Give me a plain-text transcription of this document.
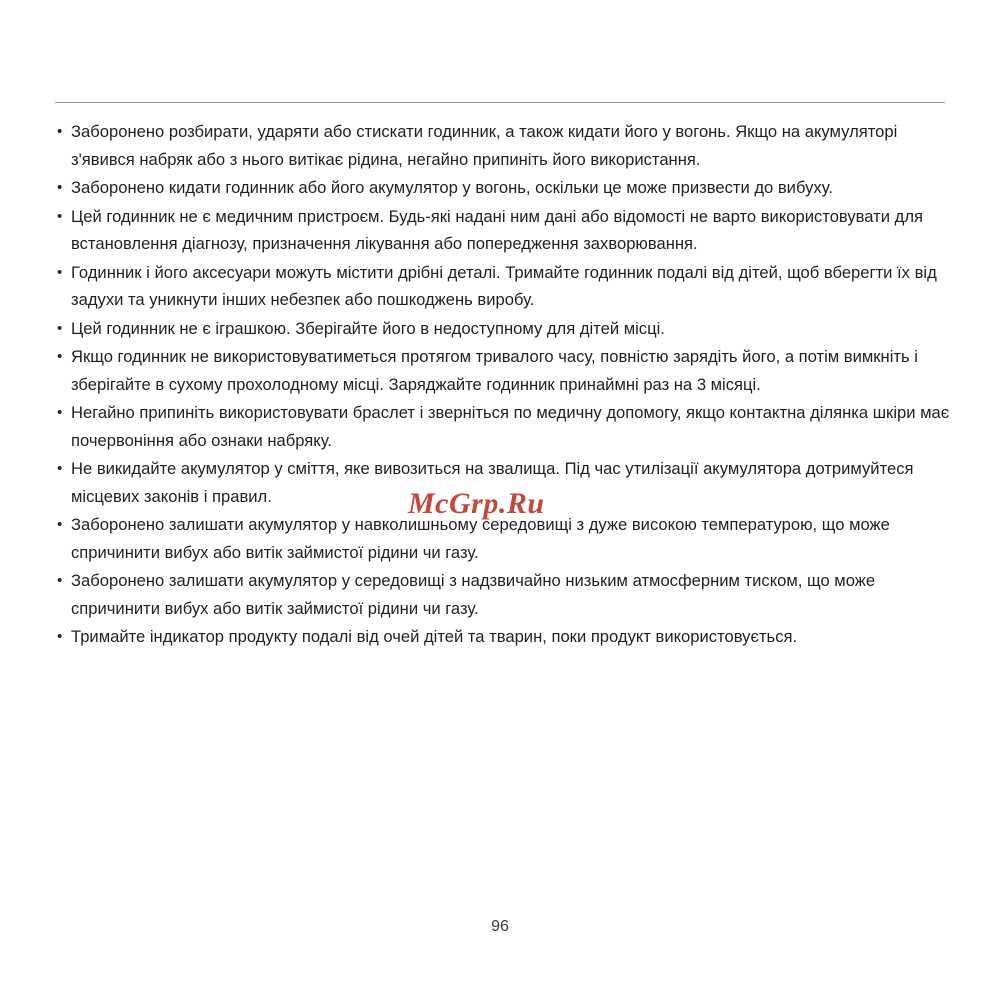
• Заборонено розбирати, ударяти або стискати годинник, а також кидати його у вогонь. Якщо на акумуляторі з'явився набряк або з нього витікає рідина, негайно припиніть його використання.
• Заборонено кидати годинник або його акумулятор у вогонь, оскільки це може призвести до вибуху.
• Цей годинник не є медичним пристроєм. Будь-які надані ним дані або відомості не варто використовувати для встановлення діагнозу, призначення лікування або попередження захворювання.
• Годинник і його аксесуари можуть містити дрібні деталі. Тримайте годинник подалі від дітей, щоб вберегти їх від задухи та уникнути інших небезпек або пошкоджень виробу.
• Цей годинник не є іграшкою. Зберігайте його в недоступному для дітей місці.
• Якщо годинник не використовуватиметься протягом тривалого часу, повністю зарядіть його, а потім вимкніть і зберігайте в сухому прохолодному місці. Заряджайте годинник принаймні раз на 3 місяці.
• Негайно припиніть використовувати браслет і зверніться по медичну допомогу, якщо контактна ділянка шкіри має почервоніння або ознаки набряку.
• Не викидайте акумулятор у сміття, яке вивозиться на звалища. Під час утилізації акумулятора дотримуйтеся місцевих законів і правил.
• Заборонено залишати акумулятор у навколишньому середовищі з дуже високою температурою, що може спричинити вибух або витік займистої рідини чи газу.
• Заборонено залишати акумулятор у середовищі з надзвичайно низьким атмосферним тиском, що може спричинити вибух або витік займистої рідини чи газу.
• Тримайте індикатор продукту подалі від очей дітей та тварин, поки продукт використовується.
McGrp.Ru
96
